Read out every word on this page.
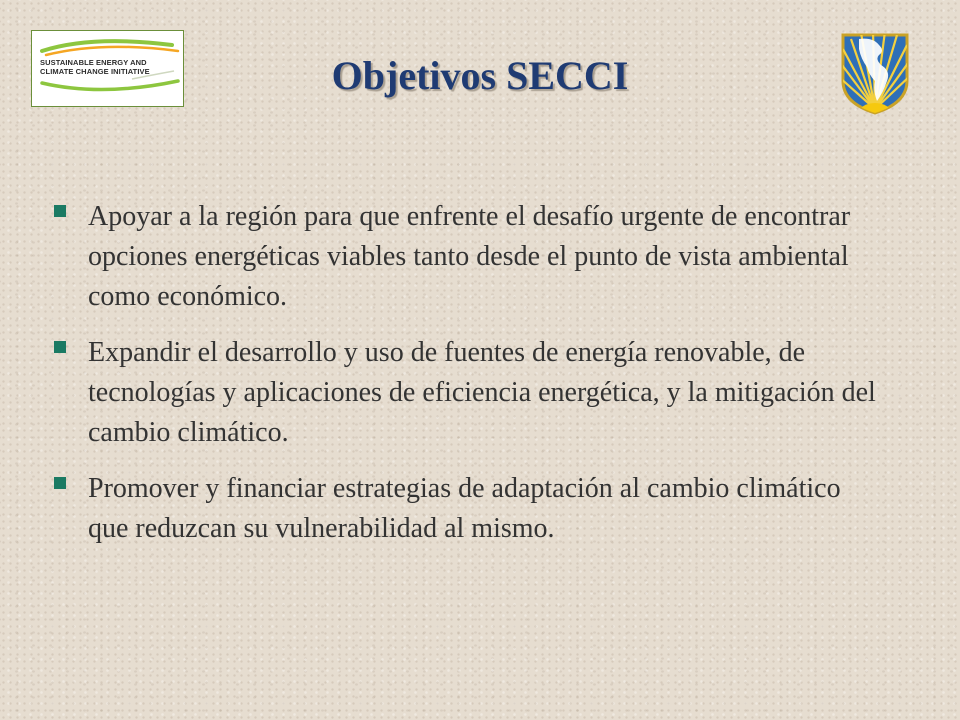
SUSTAINABLE ENERGY AND
CLIMATE CHANGE INITIATIVE	Objetivos SECCI
Apoyar a la región para que enfrente el desafío urgente de encontrar opciones energéticas viables tanto desde el punto de vista ambiental como económico.
Expandir el desarrollo y uso de fuentes de energía renovable, de tecnologías y aplicaciones de eficiencia energética, y la mitigación del cambio climático.
Promover y financiar estrategias de adaptación al cambio climático que reduzcan su vulnerabilidad al mismo.
